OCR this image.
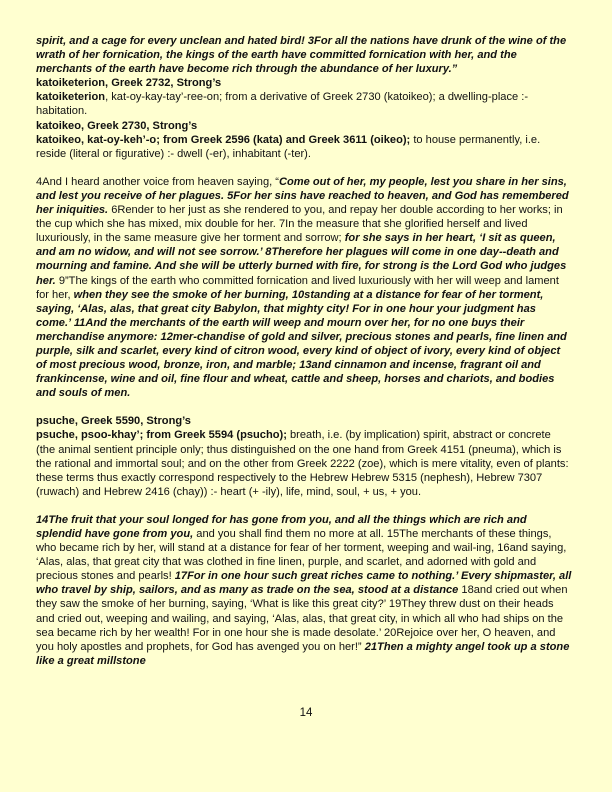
spirit, and a cage for every unclean and hated bird! 3For all the nations have drunk of the wine of the wrath of her fornication, the kings of the earth have committed fornication with her, and the merchants of the earth have become rich through the abundance of her luxury.”

katoiketerion, Greek 2732, Strong’s

katoiketerion, kat-oy-kay-tay’-ree-on; from a derivative of Greek 2730 (katoikeo); a dwelling-place :- habitation.

katoikeo, Greek 2730, Strong’s

katoikeo, kat-oy-keh’-o; from Greek 2596 (kata) and Greek 3611 (oikeo); to house permanently, i.e. reside (literal or figurative) :- dwell (-er), inhabitant (-ter).

4And I heard another voice from heaven saying, “Come out of her, my people, lest you share in her sins, and lest you receive of her plagues. 5For her sins have reached to heaven, and God has remembered her iniquities. 6Render to her just as she rendered to you, and repay her double according to her works; in the cup which she has mixed, mix double for her. 7In the measure that she glorified herself and lived luxuriously, in the same measure give her torment and sorrow; for she says in her heart, ‘I sit as queen, and am no widow, and will not see sorrow.’ 8Therefore her plagues will come in one day--death and mourning and famine. And she will be utterly burned with fire, for strong is the Lord God who judges her. 9”The kings of the earth who committed fornication and lived luxuriously with her will weep and lament for her, when they see the smoke of her burning, 10standing at a distance for fear of her torment, saying, ‘Alas, alas, that great city Babylon, that mighty city! For in one hour your judgment has come.’ 11And the merchants of the earth will weep and mourn over her, for no one buys their merchandise anymore: 12mer-chandise of gold and silver, precious stones and pearls, fine linen and purple, silk and scarlet, every kind of citron wood, every kind of object of ivory, every kind of object of most precious wood, bronze, iron, and marble; 13and cinnamon and incense, fragrant oil and frankincense, wine and oil, fine flour and wheat, cattle and sheep, horses and chariots, and bodies and souls of men.

psuche, Greek 5590, Strong’s

psuche, psoo-khay’; from Greek 5594 (psucho); breath, i.e. (by implication) spirit, abstract or concrete (the animal sentient principle only; thus distinguished on the one hand from Greek 4151 (pneuma), which is the rational and immortal soul; and on the other from Greek 2222 (zoe), which is mere vitality, even of plants: these terms thus exactly correspond respectively to the Hebrew Hebrew 5315 (nephesh), Hebrew 7307 (ruwach) and Hebrew 2416 (chay)) :- heart (+ -ily), life, mind, soul, + us, + you.

14The fruit that your soul longed for has gone from you, and all the things which are rich and splendid have gone from you, and you shall find them no more at all. 15The merchants of these things, who became rich by her, will stand at a distance for fear of her torment, weeping and wail-ing, 16and saying, ‘Alas, alas, that great city that was clothed in fine linen, purple, and scarlet, and adorned with gold and precious stones and pearls! 17For in one hour such great riches came to nothing.’ Every shipmaster, all who travel by ship, sailors, and as many as trade on the sea, stood at a distance 18and cried out when they saw the smoke of her burning, saying, ‘What is like this great city?’ 19They threw dust on their heads and cried out, weeping and wailing, and saying, ‘Alas, alas, that great city, in which all who had ships on the sea became rich by her wealth! For in one hour she is made desolate.’ 20Rejoice over her, O heaven, and you holy apostles and prophets, for God has avenged you on her!” 21Then a mighty angel took up a stone like a great millstone

14
